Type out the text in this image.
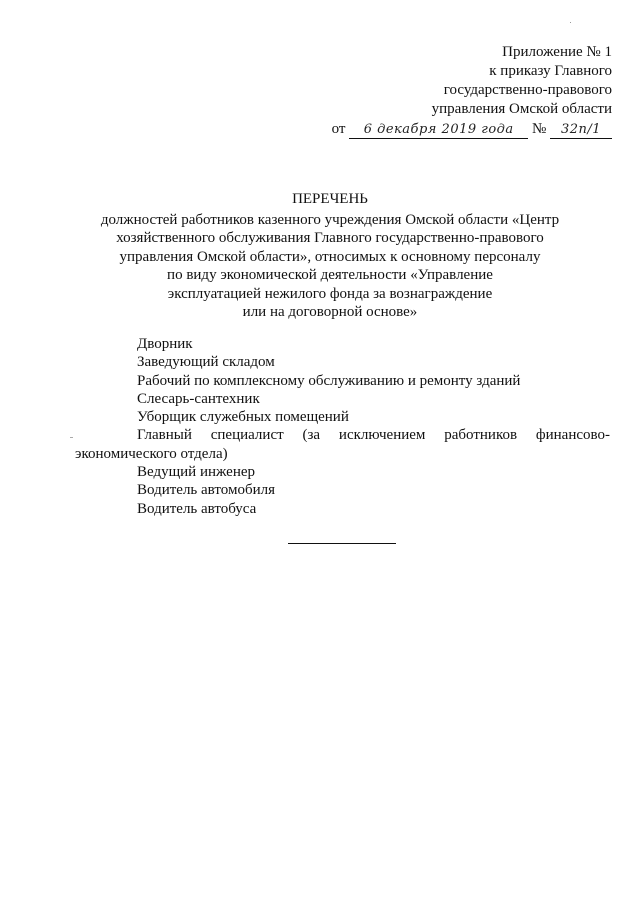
Приложение № 1
к приказу Главного
государственно-правового
управления Омской области
от 6 декабря 2019 года № 32п/1
ПЕРЕЧЕНЬ
должностей работников казенного учреждения Омской области «Центр
хозяйственного обслуживания Главного государственно-правового
управления Омской области», относимых к основному персоналу
по виду экономической деятельности «Управление
эксплуатацией нежилого фонда за вознаграждение
или на договорной основе»
Дворник
Заведующий складом
Рабочий по комплексному обслуживанию и ремонту зданий
Слесарь-сантехник
Уборщик служебных помещений
Главный специалист (за исключением работников финансово-экономического отдела)
Ведущий инженер
Водитель автомобиля
Водитель автобуса
